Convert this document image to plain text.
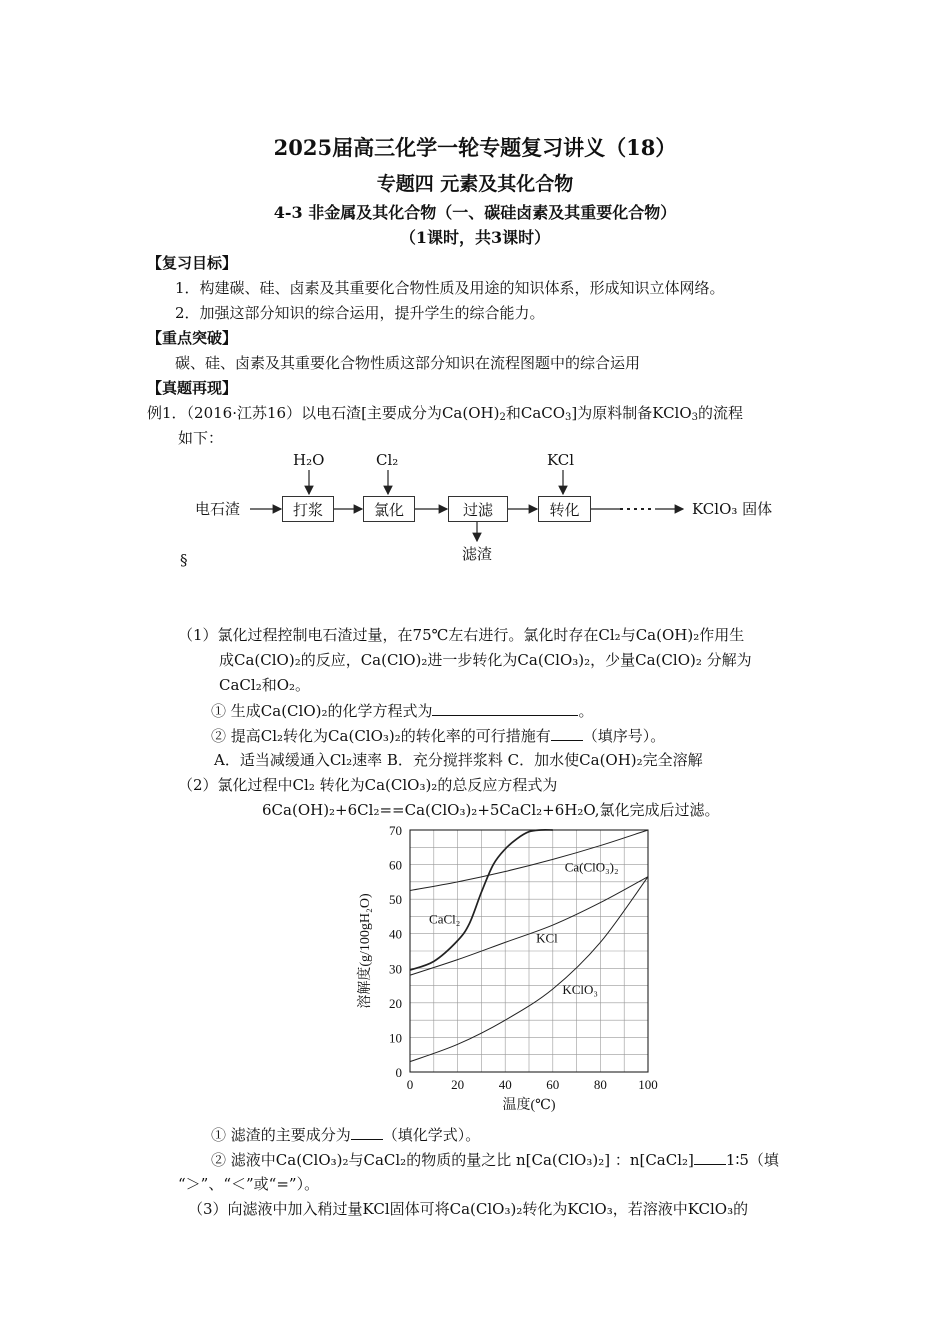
2025届高三化学一轮专题复习讲义（18）
专题四 元素及其化合物
4-3 非金属及其化合物（一、碳硅卤素及其重要化合物）
（1课时，共3课时）
【复习目标】
1．构建碳、硅、卤素及其重要化合物性质及用途的知识体系，形成知识立体网络。
2．加强这部分知识的综合运用，提升学生的综合能力。
【重点突破】
碳、硅、卤素及其重要化合物性质这部分知识在流程图题中的综合运用
【真题再现】
例1．（2016·江苏16）以电石渣[主要成分为$Ca(OH)_2$和CaCO$_3$]为原料制备KClO$_3$的流程
如下：
电石渣	打浆	氯化	过滤	转化	KClO₃ 固体
H₂O	Cl₂	KCl
滤渣
§
（1）氯化过程控制电石渣过量，在75℃左右进行。氯化时存在Cl₂与Ca(OH)₂作用生
成Ca(ClO)₂的反应，Ca(ClO)₂进一步转化为Ca(ClO₃)₂，少量Ca(ClO)₂ 分解为
CaCl₂和O₂。
① 生成Ca(ClO)₂的化学方程式为	。
② 提高Cl₂转化为Ca(ClO₃)₂的转化率的可行措施有 （填序号）。
A．适当减缓通入Cl₂速率 B．充分搅拌浆料 C．加水使Ca(OH)₂完全溶解
（2）氯化过程中Cl₂ 转化为Ca(ClO₃)₂的总反应方程式为
6Ca(OH)₂+6Cl₂==Ca(ClO₃)₂+5CaCl₂+6H₂O,氯化完成后过滤。
0	20	40	60	80 100
0
10
20
30
40
50
60
70
温度(℃)
溶解度(g/100gH₂O)	CaCl₂
Ca(ClO₃)₂
KCl
KClO₃
① 滤渣的主要成分为 （填化学式）。
② 滤液中Ca(ClO₃)₂与CaCl₂的物质的量之比 n[Ca(ClO₃)₂] ：n[CaCl₂] 1∶5（填
“＞”、“＜”或“=”）。
（3）向滤液中加入稍过量KCl固体可将Ca(ClO₃)₂转化为KClO₃，若溶液中KClO₃的
